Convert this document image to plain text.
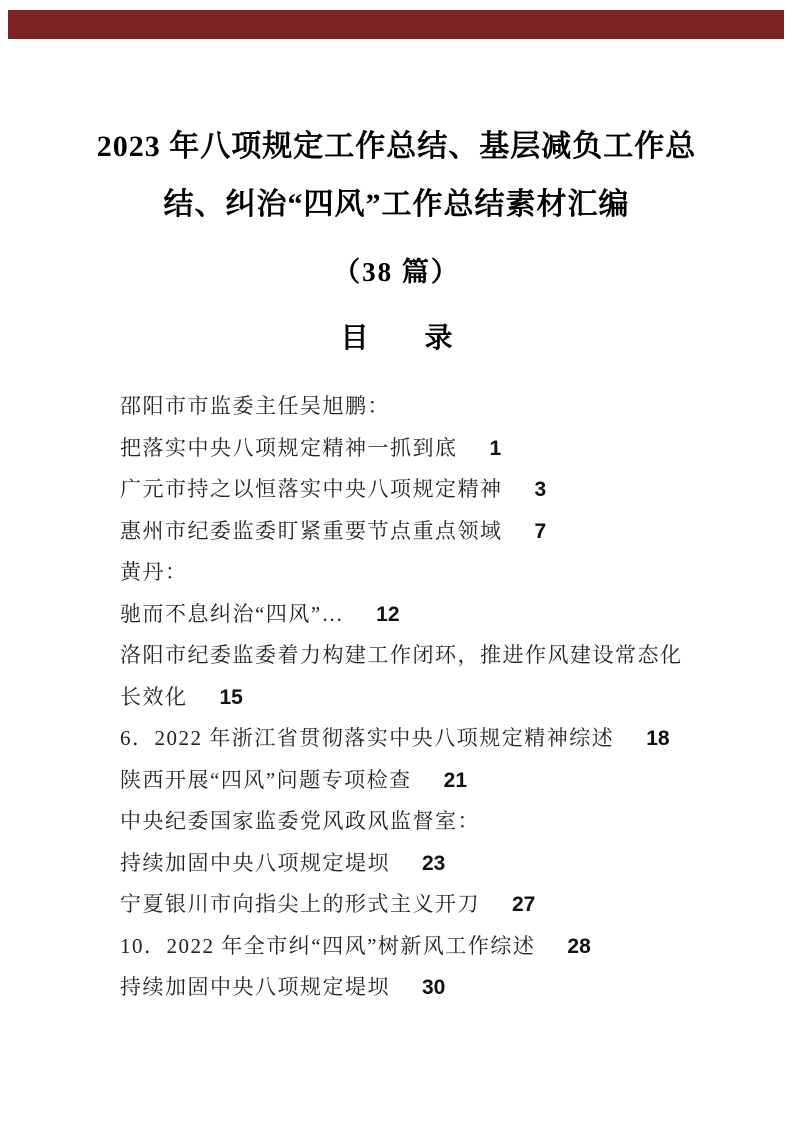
2023 年八项规定工作总结、基层减负工作总
结、纠治“四风”工作总结素材汇编
（38 篇）
目　　录
邵阳市市监委主任吴旭鹏：
把落实中央八项规定精神一抓到底 1
广元市持之以恒落实中央八项规定精神 3
惠州市纪委监委盯紧重要节点重点领域 7
黄丹：
驰而不息纠治“四风”… 12
洛阳市纪委监委着力构建工作闭环，推进作风建设常态化长效化 15
6．2022 年浙江省贯彻落实中央八项规定精神综述 18
陕西开展“四风”问题专项检查 21
中央纪委国家监委党风政风监督室：
持续加固中央八项规定堤坝 23
宁夏银川市向指尖上的形式主义开刀 27
10．2022 年全市纠“四风”树新风工作综述 28
持续加固中央八项规定堤坝 30
